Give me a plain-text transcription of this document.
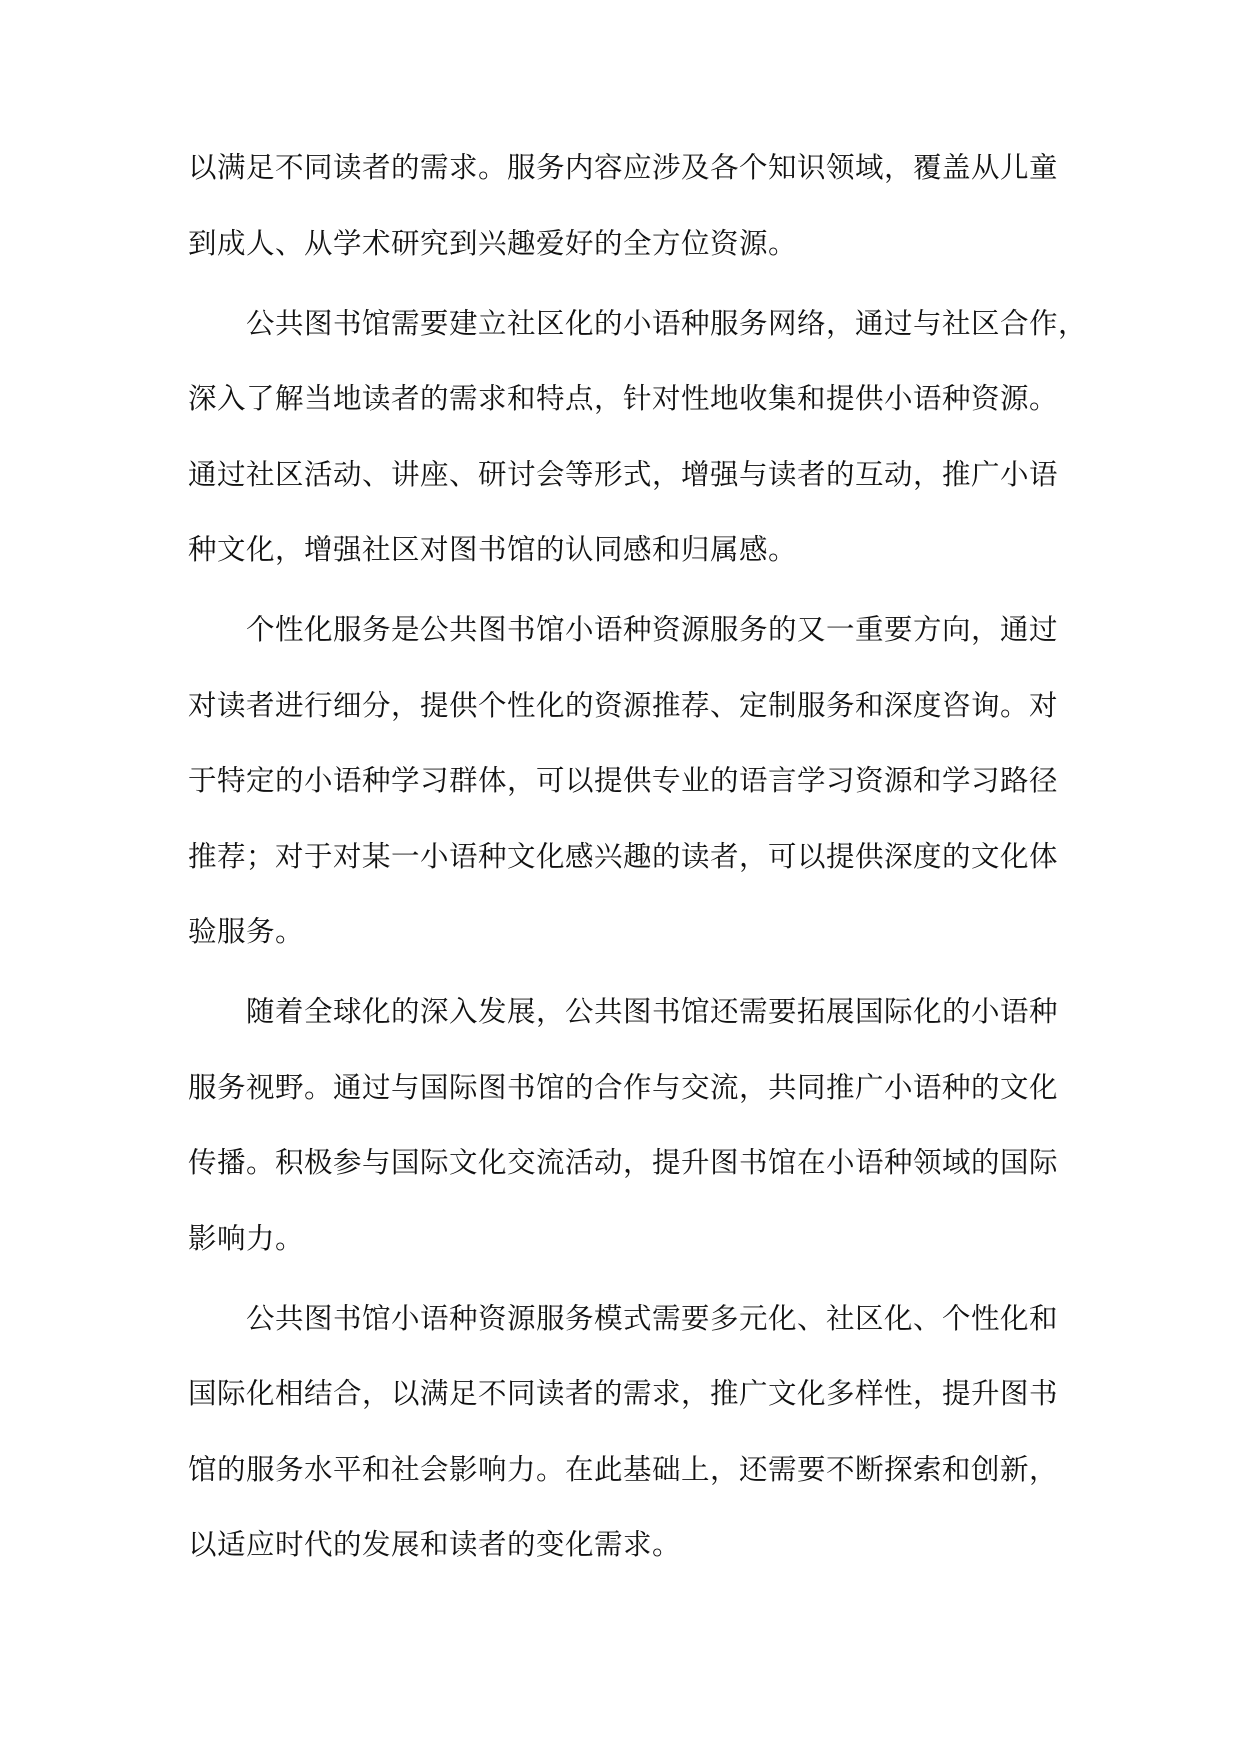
以满足不同读者的需求。服务内容应涉及各个知识领域，覆盖从儿童
到成人、从学术研究到兴趣爱好的全方位资源。
公共图书馆需要建立社区化的小语种服务网络，通过与社区合作，
深入了解当地读者的需求和特点，针对性地收集和提供小语种资源。
通过社区活动、讲座、研讨会等形式，增强与读者的互动，推广小语
种文化，增强社区对图书馆的认同感和归属感。
个性化服务是公共图书馆小语种资源服务的又一重要方向，通过
对读者进行细分，提供个性化的资源推荐、定制服务和深度咨询。对
于特定的小语种学习群体，可以提供专业的语言学习资源和学习路径
推荐；对于对某一小语种文化感兴趣的读者，可以提供深度的文化体
验服务。
随着全球化的深入发展，公共图书馆还需要拓展国际化的小语种
服务视野。通过与国际图书馆的合作与交流，共同推广小语种的文化
传播。积极参与国际文化交流活动，提升图书馆在小语种领域的国际
影响力。
公共图书馆小语种资源服务模式需要多元化、社区化、个性化和
国际化相结合，以满足不同读者的需求，推广文化多样性，提升图书
馆的服务水平和社会影响力。在此基础上，还需要不断探索和创新，
以适应时代的发展和读者的变化需求。
